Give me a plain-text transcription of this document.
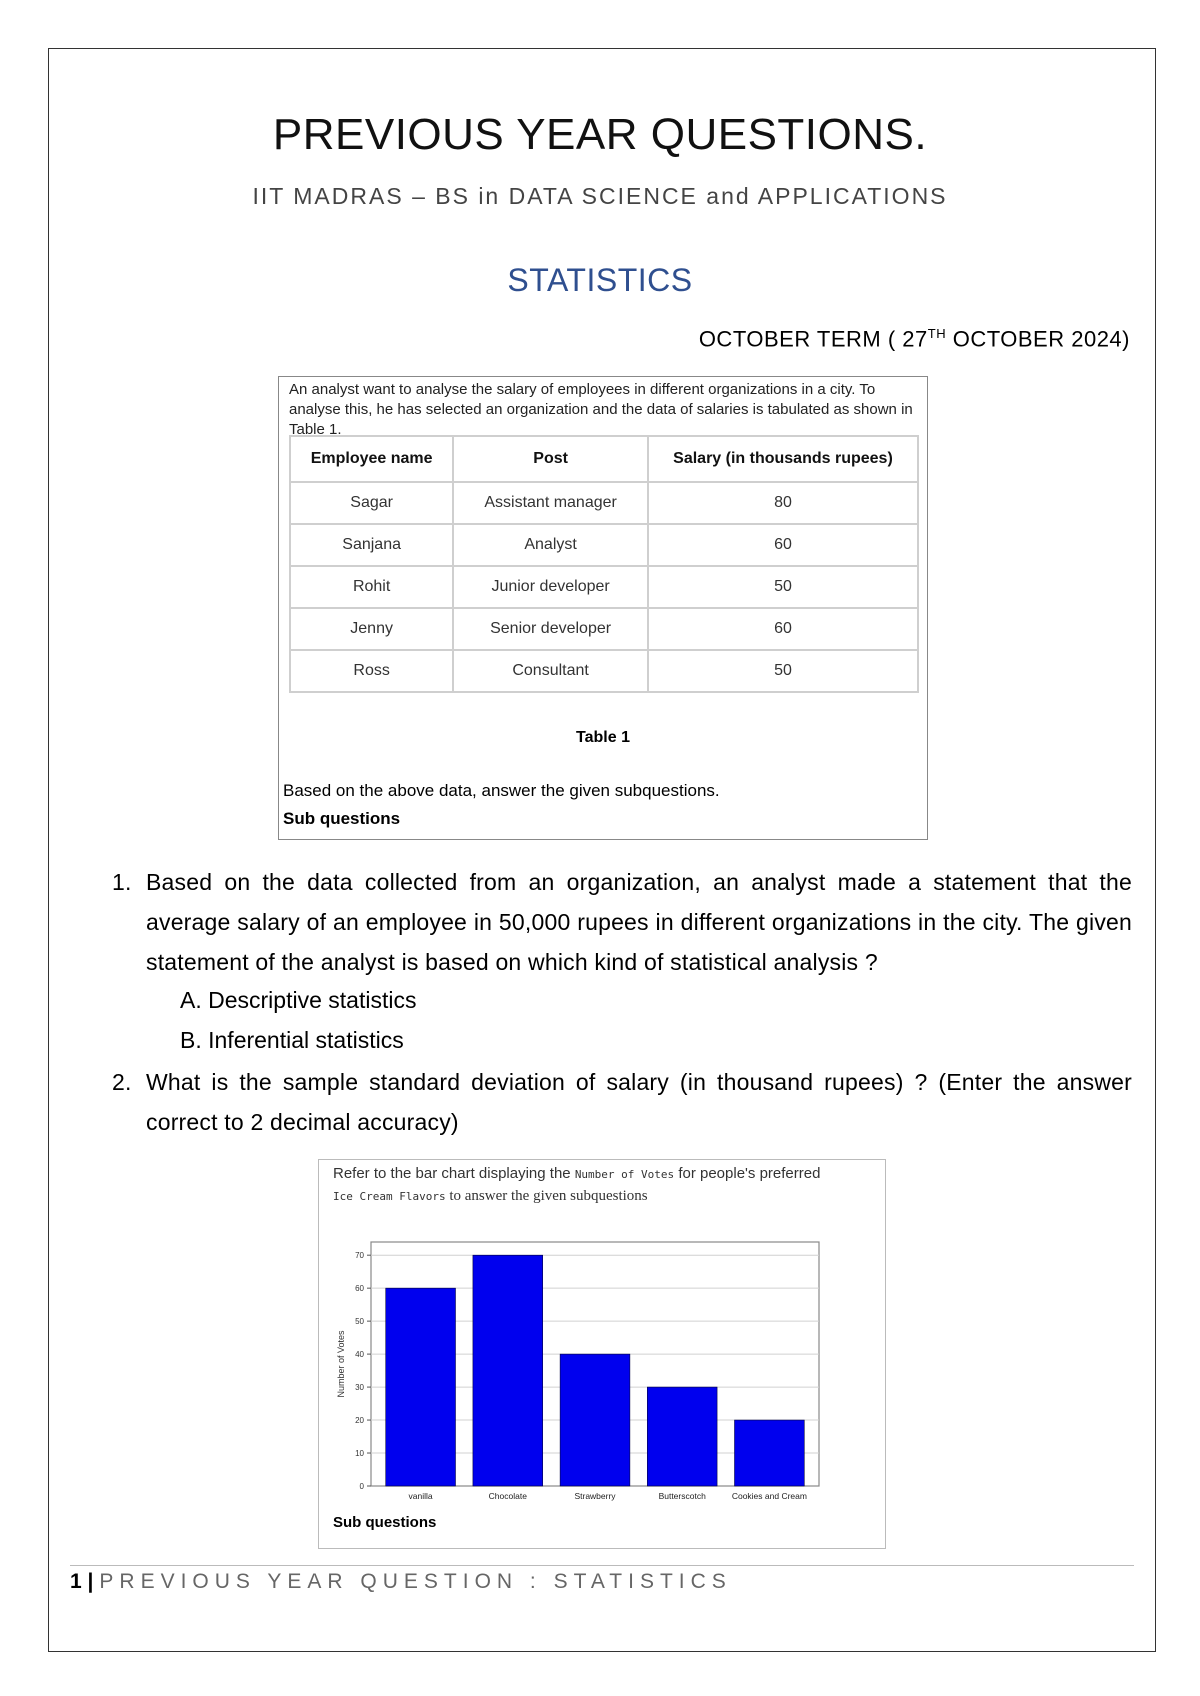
PREVIOUS YEAR QUESTIONS.
IIT MADRAS – BS in DATA SCIENCE and APPLICATIONS
STATISTICS
OCTOBER TERM ( 27TH OCTOBER 2024)
An analyst want to analyse the salary of employees in different organizations in a city. To analyse this, he has selected an organization and the data of salaries is tabulated as shown in Table 1.
Employee name	Post	Salary (in thousands rupees)
Sagar	Assistant manager	80
Sanjana	Analyst	60
Rohit	Junior developer	50
Jenny	Senior developer	60
Ross	Consultant	50
Table 1
Based on the above data, answer the given subquestions.
Sub questions
1. Based on the data collected from an organization, an analyst made a statement that the average salary of an employee in 50,000 rupees in different organizations in the city. The given statement of the analyst is based on which kind of statistical analysis ?
A. Descriptive statistics
B. Inferential statistics
2. What is the sample standard deviation of salary (in thousand rupees) ? (Enter the answer correct to 2 decimal accuracy)
Refer to the bar chart displaying the Number of Votes for people's preferred
Ice Cream Flavors to answer the given subquestions
0
10
20
30
40
50
60
70
Number of Votes
vanilla	Chocolate	Strawberry	Butterscotch	Cookies and Cream
Sub questions
1 | PREVIOUS YEAR QUESTION : STATISTICS
